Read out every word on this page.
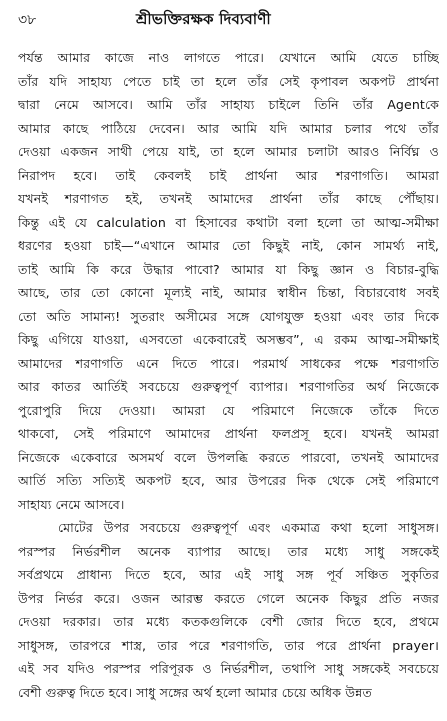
৩৮	শ্রীভক্তিরক্ষক দিব্যবাণী
পর্যন্ত আমার কাজে নাও লাগতে পারে। যেখানে আমি যেতে চাচ্ছি
তাঁর যদি সাহায্য পেতে চাই তা হলে তাঁর সেই কৃপাবল অকপট প্রার্থনা
দ্বারা নেমে আসবে। আমি তাঁর সাহায্য চাইলে তিনি তাঁর Agentকে
আমার কাছে পাঠিয়ে দেবেন। আর আমি যদি আমার চলার পথে তাঁর
দেওয়া একজন সাথী পেয়ে যাই, তা হলে আমার চলাটা আরও নির্বিঘ্ন ও
নিরাপদ হবে। তাই কেবলই চাই প্রার্থনা আর শরণাগতি। আমরা
যখনই শরণাগত হই, তখনই আমাদের প্রার্থনা তাঁর কাছে পৌঁছায়।
কিন্তু এই যে calculation বা হিসাবের কথাটা বলা হলো তা আত্ম-সমীক্ষা
ধরণের হওয়া চাই—“এখানে আমার তো কিছুই নাই, কোন সামর্থ্য নাই,
তাই আমি কি করে উদ্ধার পাবো? আমার যা কিছু জ্ঞান ও বিচার-বুদ্ধি
আছে, তার তো কোনো মূল্যই নাই, আমার স্বাধীন চিন্তা, বিচারবোধ সবই
তো অতি সামান্য! সুতরাং অসীমের সঙ্গে যোগযুক্ত হওয়া এবং তার দিকে
কিছু এগিয়ে যাওয়া, এসবতো একেবারেই অসম্ভব”, এ রকম আত্ম-সমীক্ষাই
আমাদের শরণাগতি এনে দিতে পারে। পরমার্থ সাধকের পক্ষে শরণাগতি
আর কাতর আর্তিই সবচেয়ে গুরুত্বপূর্ণ ব্যাপার। শরণাগতির অর্থ নিজেকে
পুরোপুরি দিয়ে দেওয়া। আমরা যে পরিমাণে নিজেকে তাঁকে দিতে
থাকবো, সেই পরিমাণে আমাদের প্রার্থনা ফলপ্রসূ হবে। যখনই আমরা
নিজেকে একেবারে অসমর্থ বলে উপলব্ধি করতে পারবো, তখনই আমাদের
আর্তি সত্যি সত্যিই অকপট হবে, আর উপরের দিক থেকে সেই পরিমাণে
সাহায্য নেমে আসবে।
মোটের উপর সবচেয়ে গুরুত্বপূর্ণ এবং একমাত্র কথা হলো সাধুসঙ্গ।
পরস্পর নির্ভরশীল অনেক ব্যাপার আছে। তার মধ্যে সাধু সঙ্গকেই
সর্বপ্রথমে প্রাধান্য দিতে হবে, আর এই সাধু সঙ্গ পূর্ব সঞ্চিত সুকৃতির
উপর নির্ভর করে। ওজন আরম্ভ করতে গেলে অনেক কিছুর প্রতি নজর
দেওয়া দরকার। তার মধ্যে কতকগুলিকে বেশী জোর দিতে হবে, প্রথমে
সাধুসঙ্গ, তারপরে শাস্ত্র, তার পরে শরণাগতি, তার পরে প্রার্থনা prayer।
এই সব যদিও পরস্পর পরিপূরক ও নির্ভরশীল, তথাপি সাধু সঙ্গকেই সবচেয়ে
বেশী গুরুত্ব দিতে হবে। সাধু সঙ্গের অর্থ হলো আমার চেয়ে অধিক উন্নত
